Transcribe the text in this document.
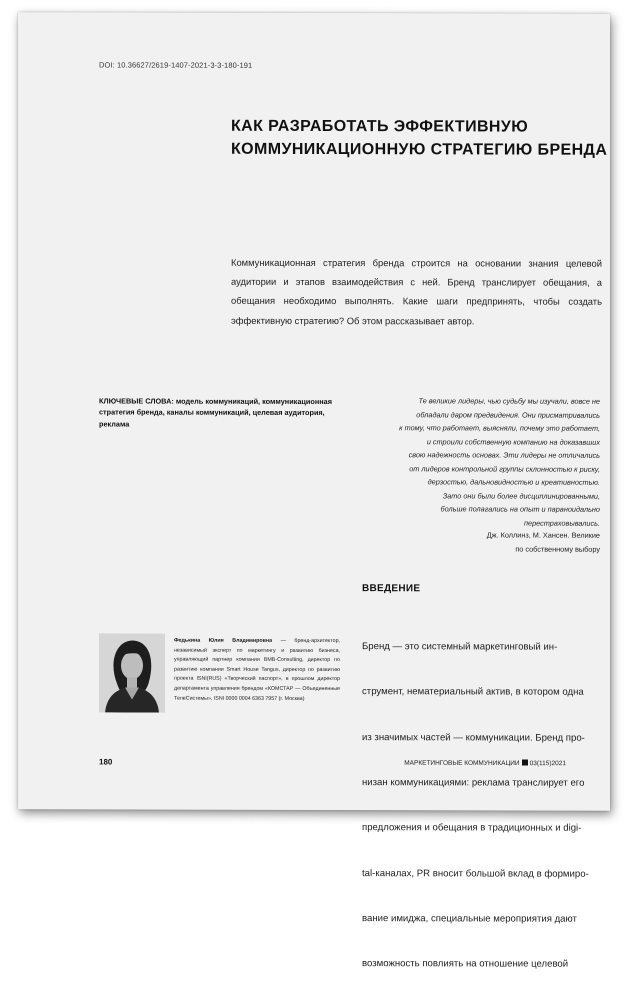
DOI: 10.36627/2619-1407-2021-3-3-180-191
КАК РАЗРАБОТАТЬ ЭФФЕКТИВНУЮ
КОММУНИКАЦИОННУЮ СТРАТЕГИЮ БРЕНДА
Коммуникационная стратегия бренда строится на основании знания целевой аудитории и этапов взаимодействия с ней. Бренд транслирует обещания, а обещания необходимо выполнять. Какие шаги предпринять, чтобы создать эффективную стратегию? Об этом рассказывает автор.
КЛЮЧЕВЫЕ СЛОВА: модель коммуникаций, коммуникационная стратегия бренда, каналы коммуникаций, целевая аудитория, реклама
Те великие лидеры, чью судьбу мы изучали, вовсе не
обладали даром предвидения. Они присматривались
к тому, что работает, выясняли, почему это работает,
и строили собственную компанию на доказавших
свою надежность основах. Эти лидеры не отличались
от лидеров контрольной группы склонностью к риску,
дерзостью, дальновидностью и креативностью.
Зато они были более дисциплинированными,
больше полагались на опыт и параноидально
перестраховывались.
Дж. Коллинз, М. Хансен. Великие
по собственному выбору
ВВЕДЕНИЕ

Бренд — это системный маркетинговый ин-

струмент, нематериальный актив, в котором одна

из значимых частей — коммуникации. Бренд про-

низан коммуникациями: реклама транслирует его

предложения и обещания в традиционных и digi-

tal-каналах, PR вносит большой вклад в формиро-

вание имиджа, специальные мероприятия дают

возможность повлиять на отношение целевой

Федькина Юлия Владимировна — бренд-архитектор, независимый эксперт по маркетингу и развитию бизнеса, управляющий партнер компании BMB-Consulting, директор по развитию компании Smart House Tangus, директор по развитию проекта ISNI(RUS) «Творческий паспорт», в прошлом директор департамента управления брендом «КОМСТАР — Объединенные ТелеСистемы», ISNI 0000 0004 6363 7957 (г. Москва)
180	МАРКЕТИНГОВЫЕ КОММУНИКАЦИИ 03(115)2021
